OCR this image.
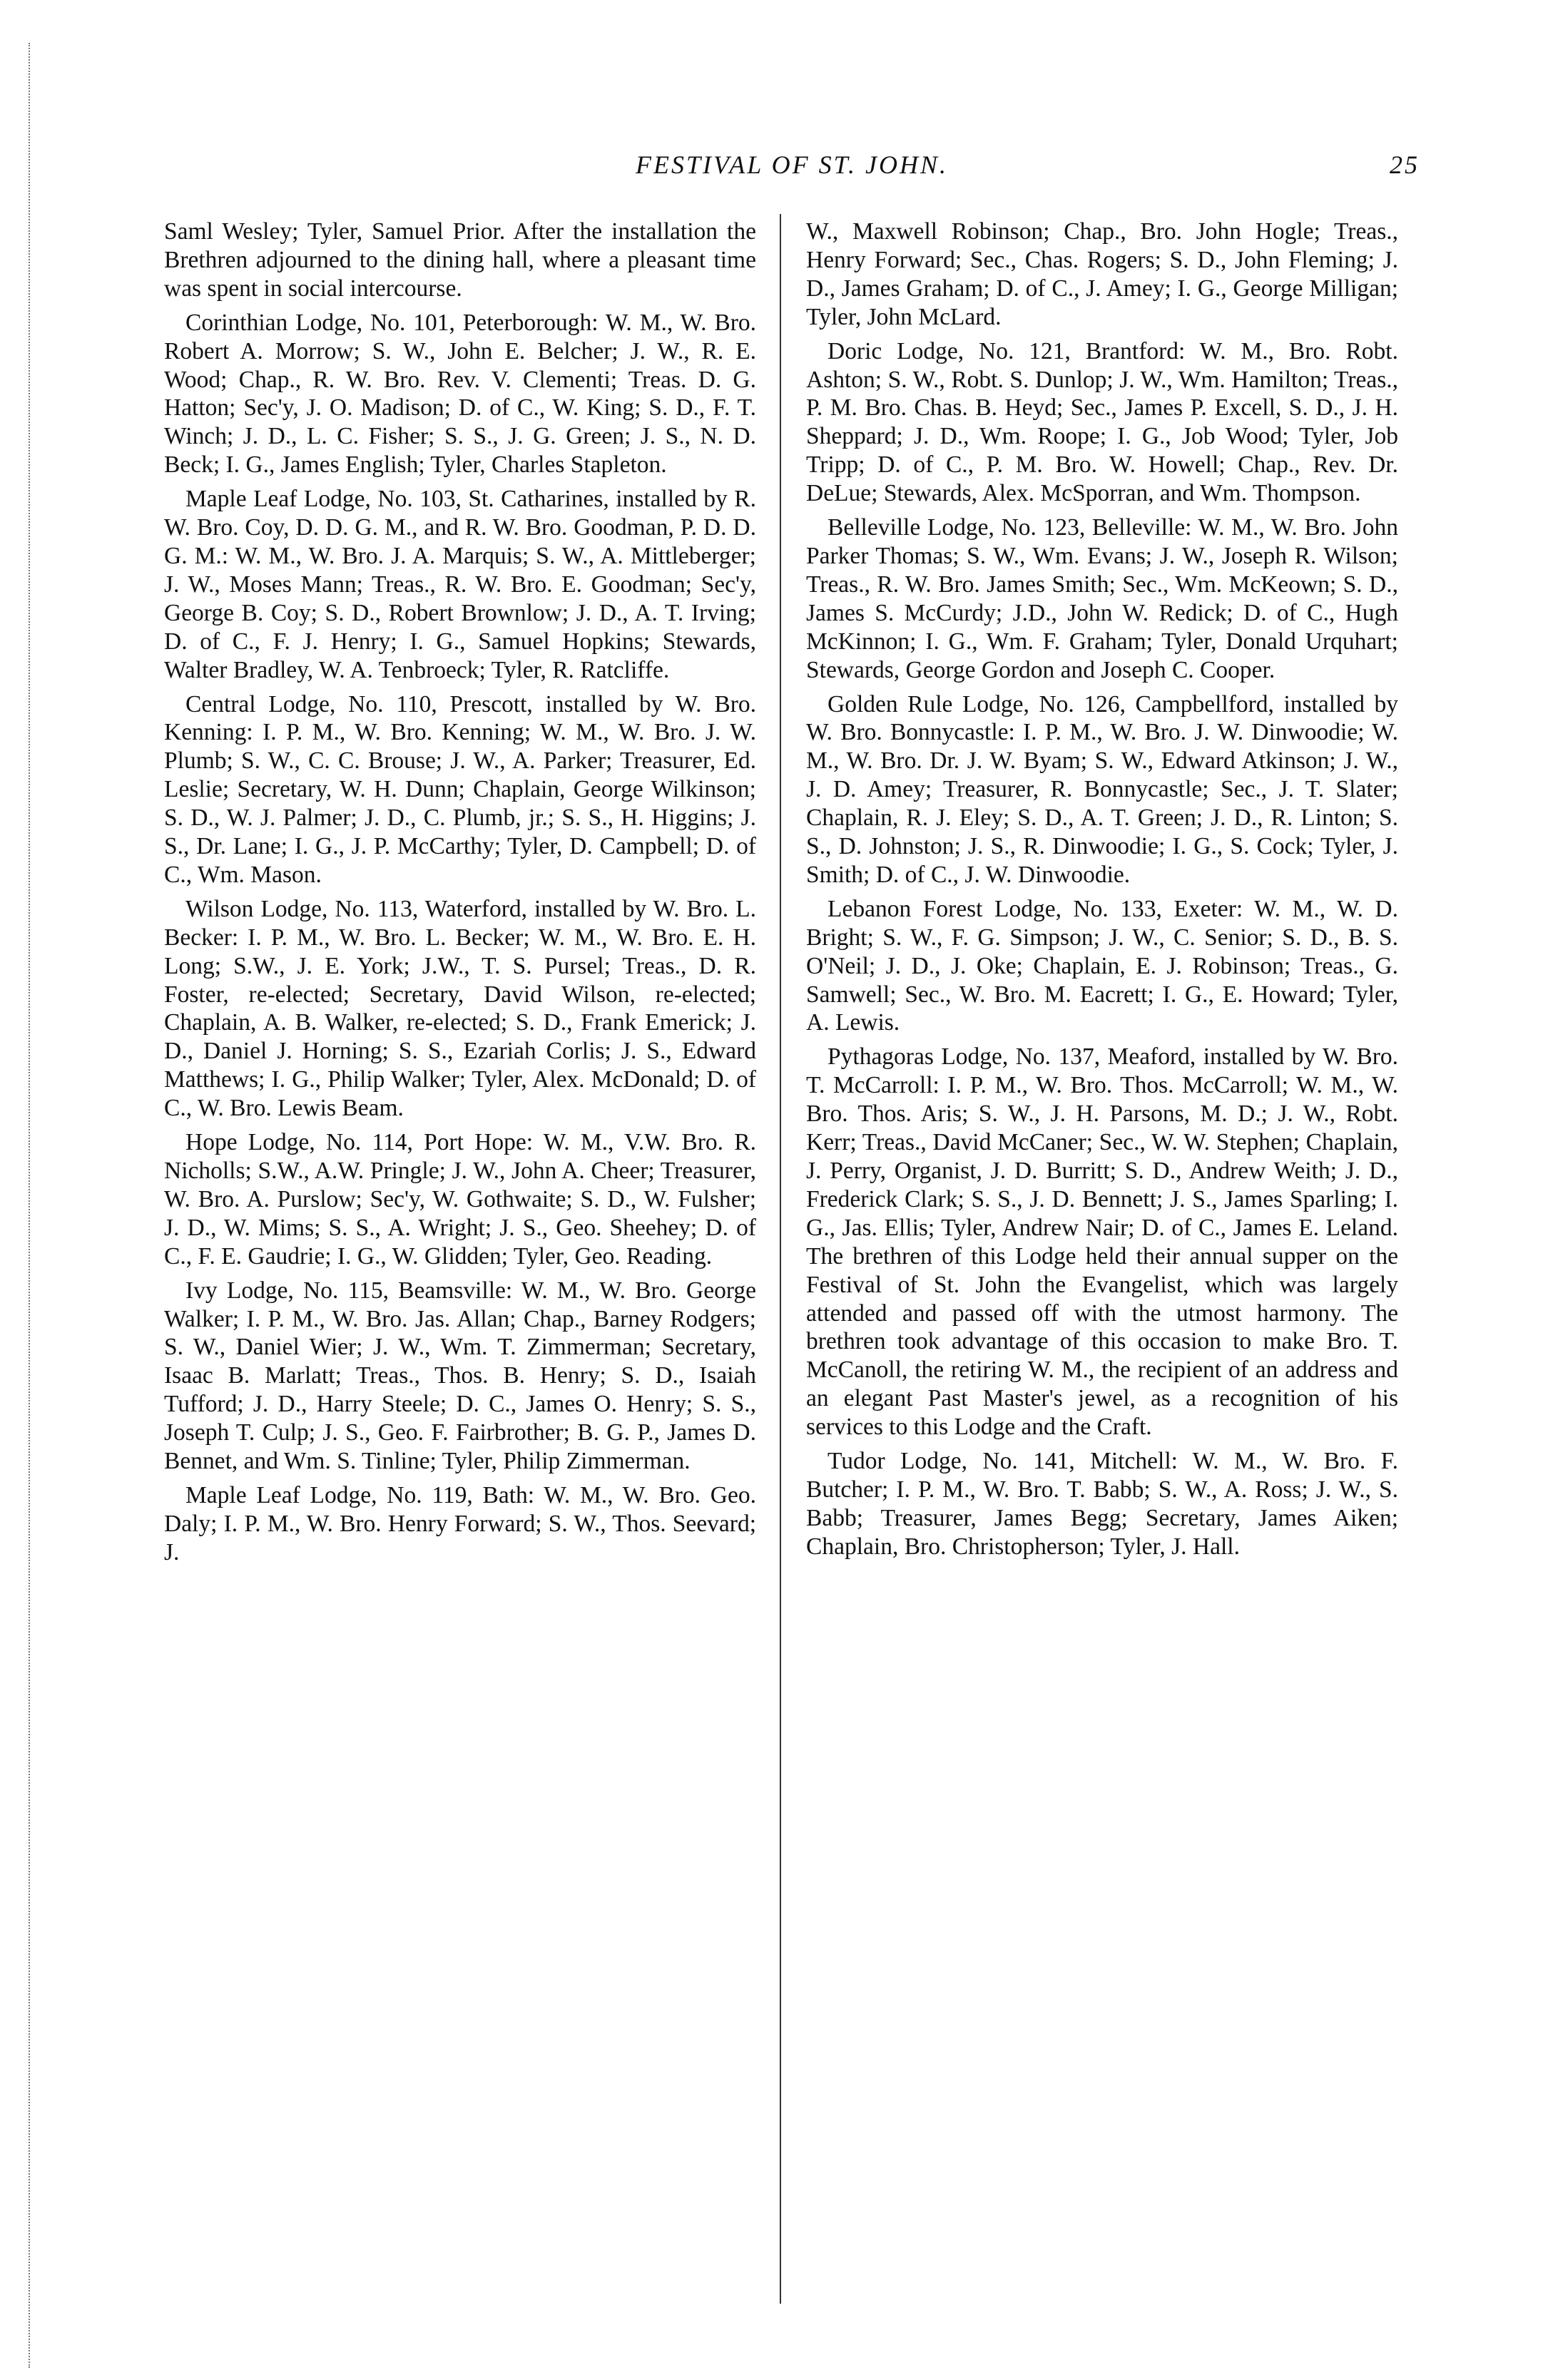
FESTIVAL OF ST. JOHN.	25

Saml Wesley; Tyler, Samuel Prior. After the installation the Brethren adjourned to the dining hall, where a pleasant time was spent in social intercourse.

Corinthian Lodge, No. 101, Peterborough: W. M., W. Bro. Robert A. Morrow; S. W., John E. Belcher; J. W., R. E. Wood; Chap., R. W. Bro. Rev. V. Clementi; Treas. D. G. Hatton; Sec'y, J. O. Madison; D. of C., W. King; S. D., F. T. Winch; J. D., L. C. Fisher; S. S., J. G. Green; J. S., N. D. Beck; I. G., James English; Tyler, Charles Stapleton.

Maple Leaf Lodge, No. 103, St. Catharines, installed by R. W. Bro. Coy, D. D. G. M., and R. W. Bro. Goodman, P. D. D. G. M.: W. M., W. Bro. J. A. Marquis; S. W., A. Mittleberger; J. W., Moses Mann; Treas., R. W. Bro. E. Goodman; Sec'y, George B. Coy; S. D., Robert Brownlow; J. D., A. T. Irving; D. of C., F. J. Henry; I. G., Samuel Hopkins; Stewards, Walter Bradley, W. A. Tenbroeck; Tyler, R. Ratcliffe.

Central Lodge, No. 110, Prescott, installed by W. Bro. Kenning: I. P. M., W. Bro. Kenning; W. M., W. Bro. J. W. Plumb; S. W., C. C. Brouse; J. W., A. Parker; Treasurer, Ed. Leslie; Secretary, W. H. Dunn; Chaplain, George Wilkinson; S. D., W. J. Palmer; J. D., C. Plumb, jr.; S. S., H. Higgins; J. S., Dr. Lane; I. G., J. P. McCarthy; Tyler, D. Campbell; D. of C., Wm. Mason.

Wilson Lodge, No. 113, Waterford, installed by W. Bro. L. Becker: I. P. M., W. Bro. L. Becker; W. M., W. Bro. E. H. Long; S.W., J. E. York; J.W., T. S. Pursel; Treas., D. R. Foster, re-elected; Secretary, David Wilson, re-elected; Chaplain, A. B. Walker, re-elected; S. D., Frank Emerick; J. D., Daniel J. Horning; S. S., Ezariah Corlis; J. S., Edward Matthews; I. G., Philip Walker; Tyler, Alex. McDonald; D. of C., W. Bro. Lewis Beam.

Hope Lodge, No. 114, Port Hope: W. M., V.W. Bro. R. Nicholls; S.W., A.W. Pringle; J. W., John A. Cheer; Treasurer, W. Bro. A. Purslow; Sec'y, W. Gothwaite; S. D., W. Fulsher; J. D., W. Mims; S. S., A. Wright; J. S., Geo. Sheehey; D. of C., F. E. Gaudrie; I. G., W. Glidden; Tyler, Geo. Reading.

Ivy Lodge, No. 115, Beamsville: W. M., W. Bro. George Walker; I. P. M., W. Bro. Jas. Allan; Chap., Barney Rodgers; S. W., Daniel Wier; J. W., Wm. T. Zimmerman; Secretary, Isaac B. Marlatt; Treas., Thos. B. Henry; S. D., Isaiah Tufford; J. D., Harry Steele; D. C., James O. Henry; S. S., Joseph T. Culp; J. S., Geo. F. Fairbrother; B. G. P., James D. Bennet, and Wm. S. Tinline; Tyler, Philip Zimmerman.

Maple Leaf Lodge, No. 119, Bath: W. M., W. Bro. Geo. Daly; I. P. M., W. Bro. Henry Forward; S. W., Thos. Seevard; J.

W., Maxwell Robinson; Chap., Bro. John Hogle; Treas., Henry Forward; Sec., Chas. Rogers; S. D., John Fleming; J. D., James Graham; D. of C., J. Amey; I. G., George Milligan; Tyler, John McLard.

Doric Lodge, No. 121, Brantford: W. M., Bro. Robt. Ashton; S. W., Robt. S. Dunlop; J. W., Wm. Hamilton; Treas., P. M. Bro. Chas. B. Heyd; Sec., James P. Excell, S. D., J. H. Sheppard; J. D., Wm. Roope; I. G., Job Wood; Tyler, Job Tripp; D. of C., P. M. Bro. W. Howell; Chap., Rev. Dr. DeLue; Stewards, Alex. McSporran, and Wm. Thompson.

Belleville Lodge, No. 123, Belleville: W. M., W. Bro. John Parker Thomas; S. W., Wm. Evans; J. W., Joseph R. Wilson; Treas., R. W. Bro. James Smith; Sec., Wm. McKeown; S. D., James S. McCurdy; J.D., John W. Redick; D. of C., Hugh McKinnon; I. G., Wm. F. Graham; Tyler, Donald Urquhart; Stewards, George Gordon and Joseph C. Cooper.

Golden Rule Lodge, No. 126, Campbellford, installed by W. Bro. Bonnycastle: I. P. M., W. Bro. J. W. Dinwoodie; W. M., W. Bro. Dr. J. W. Byam; S. W., Edward Atkinson; J. W., J. D. Amey; Treasurer, R. Bonnycastle; Sec., J. T. Slater; Chaplain, R. J. Eley; S. D., A. T. Green; J. D., R. Linton; S. S., D. Johnston; J. S., R. Dinwoodie; I. G., S. Cock; Tyler, J. Smith; D. of C., J. W. Dinwoodie.

Lebanon Forest Lodge, No. 133, Exeter: W. M., W. D. Bright; S. W., F. G. Simpson; J. W., C. Senior; S. D., B. S. O'Neil; J. D., J. Oke; Chaplain, E. J. Robinson; Treas., G. Samwell; Sec., W. Bro. M. Eacrett; I. G., E. Howard; Tyler, A. Lewis.

Pythagoras Lodge, No. 137, Meaford, installed by W. Bro. T. McCarroll: I. P. M., W. Bro. Thos. McCarroll; W. M., W. Bro. Thos. Aris; S. W., J. H. Parsons, M. D.; J. W., Robt. Kerr; Treas., David McCaner; Sec., W. W. Stephen; Chaplain, J. Perry, Organist, J. D. Burritt; S. D., Andrew Weith; J. D., Frederick Clark; S. S., J. D. Bennett; J. S., James Sparling; I. G., Jas. Ellis; Tyler, Andrew Nair; D. of C., James E. Leland. The brethren of this Lodge held their annual supper on the Festival of St. John the Evangelist, which was largely attended and passed off with the utmost harmony. The brethren took advantage of this occasion to make Bro. T. McCanoll, the retiring W. M., the recipient of an address and an elegant Past Master's jewel, as a recognition of his services to this Lodge and the Craft.

Tudor Lodge, No. 141, Mitchell: W. M., W. Bro. F. Butcher; I. P. M., W. Bro. T. Babb; S. W., A. Ross; J. W., S. Babb; Treasurer, James Begg; Secretary, James Aiken; Chaplain, Bro. Christopherson; Tyler, J. Hall.
